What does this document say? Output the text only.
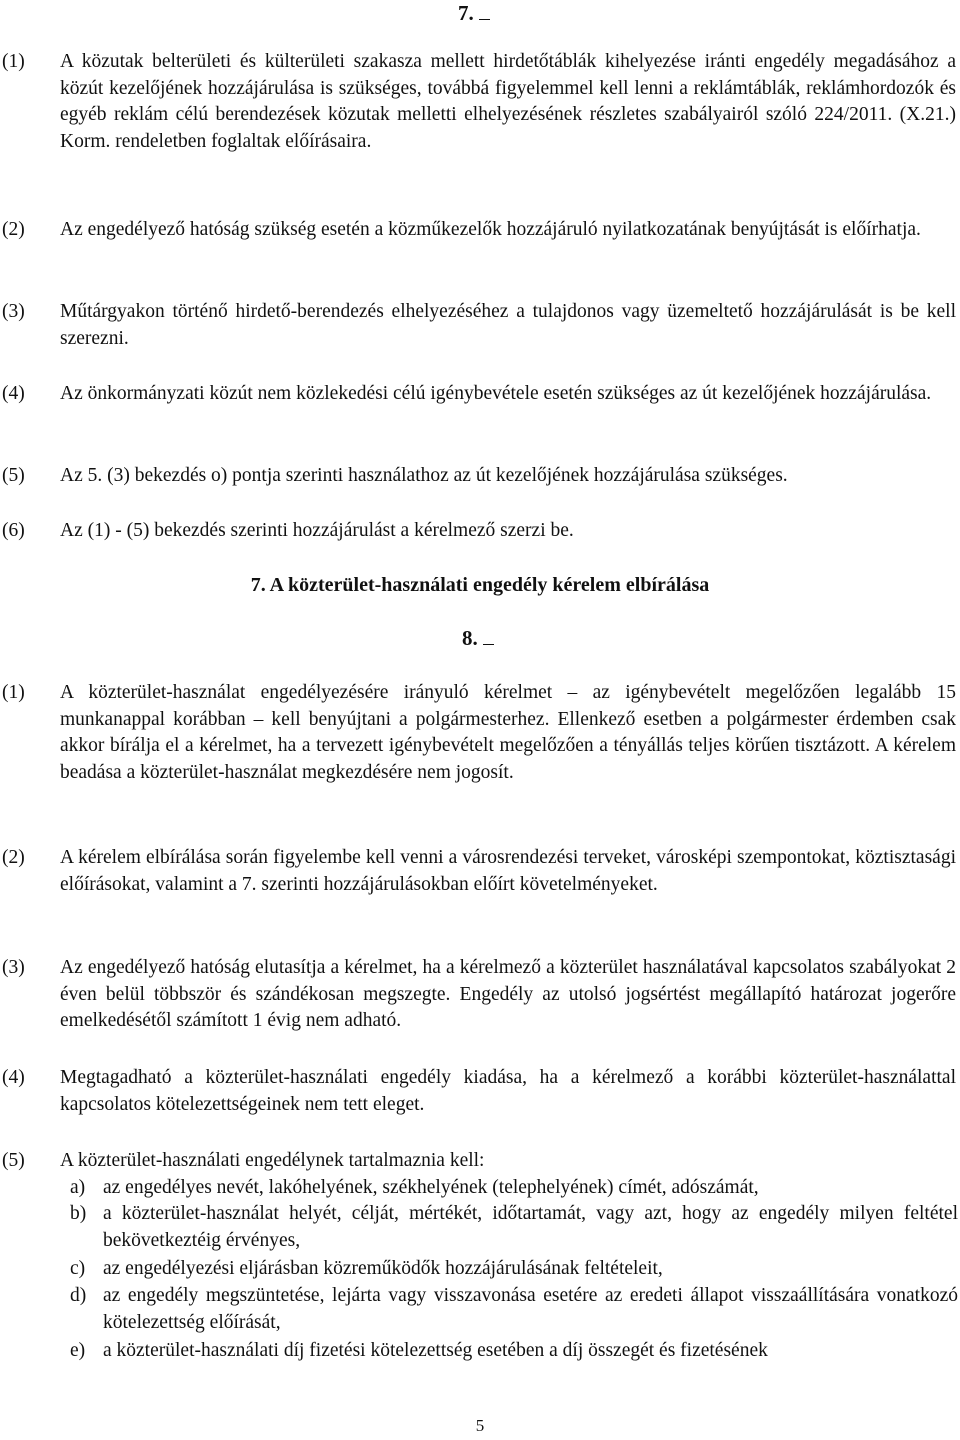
7.
(1) A közutak belterületi és külterületi szakasza mellett hirdetőtáblák kihelyezése iránti engedély megadásához a közút kezelőjének hozzájárulása is szükséges, továbbá figyelemmel kell lenni a reklámtáblák, reklámhordozók és egyéb reklám célú berendezések közutak melletti elhelyezésének részletes szabályairól szóló 224/2011. (X.21.) Korm. rendeletben foglaltak előírásaira.
(2) Az engedélyező hatóság szükség esetén a közműkezelők hozzájáruló nyilatkozatának benyújtását is előírhatja.
(3) Műtárgyakon történő hirdető-berendezés elhelyezéséhez a tulajdonos vagy üzemeltető hozzájárulását is be kell szerezni.
(4) Az önkormányzati közút nem közlekedési célú igénybevétele esetén szükséges az út kezelőjének hozzájárulása.
(5) Az 5. (3) bekezdés o) pontja szerinti használathoz az út kezelőjének hozzájárulása szükséges.
(6) Az (1) - (5) bekezdés szerinti hozzájárulást a kérelmező szerzi be.
7. A közterület-használati engedély kérelem elbírálása
8.
(1) A közterület-használat engedélyezésére irányuló kérelmet – az igénybevételt megelőzően legalább 15 munkanappal korábban – kell benyújtani a polgármesterhez. Ellenkező esetben a polgármester érdemben csak akkor bírálja el a kérelmet, ha a tervezett igénybevételt megelőzően a tényállás teljes körűen tisztázott. A kérelem beadása a közterület-használat megkezdésére nem jogosít.
(2) A kérelem elbírálása során figyelembe kell venni a városrendezési terveket, városképi szempontokat, köztisztasági előírásokat, valamint a 7. szerinti hozzájárulásokban előírt követelményeket.
(3) Az engedélyező hatóság elutasítja a kérelmet, ha a kérelmező a közterület használatával kapcsolatos szabályokat 2 éven belül többször és szándékosan megszegte. Engedély az utolsó jogsértést megállapító határozat jogerőre emelkedésétől számított 1 évig nem adható.
(4) Megtagadható a közterület-használati engedély kiadása, ha a kérelmező a korábbi közterület-használattal kapcsolatos kötelezettségeinek nem tett eleget.
(5) A közterület-használati engedélynek tartalmaznia kell:
a) az engedélyes nevét, lakóhelyének, székhelyének (telephelyének) címét, adószámát,
b) a közterület-használat helyét, célját, mértékét, időtartamát, vagy azt, hogy az engedély milyen feltétel bekövetkeztéig érvényes,
c) az engedélyezési eljárásban közreműködők hozzájárulásának feltételeit,
d) az engedély megszüntetése, lejárta vagy visszavonása esetére az eredeti állapot visszaállítására vonatkozó kötelezettség előírását,
e) a közterület-használati díj fizetési kötelezettség esetében a díj összegét és fizetésének
5
